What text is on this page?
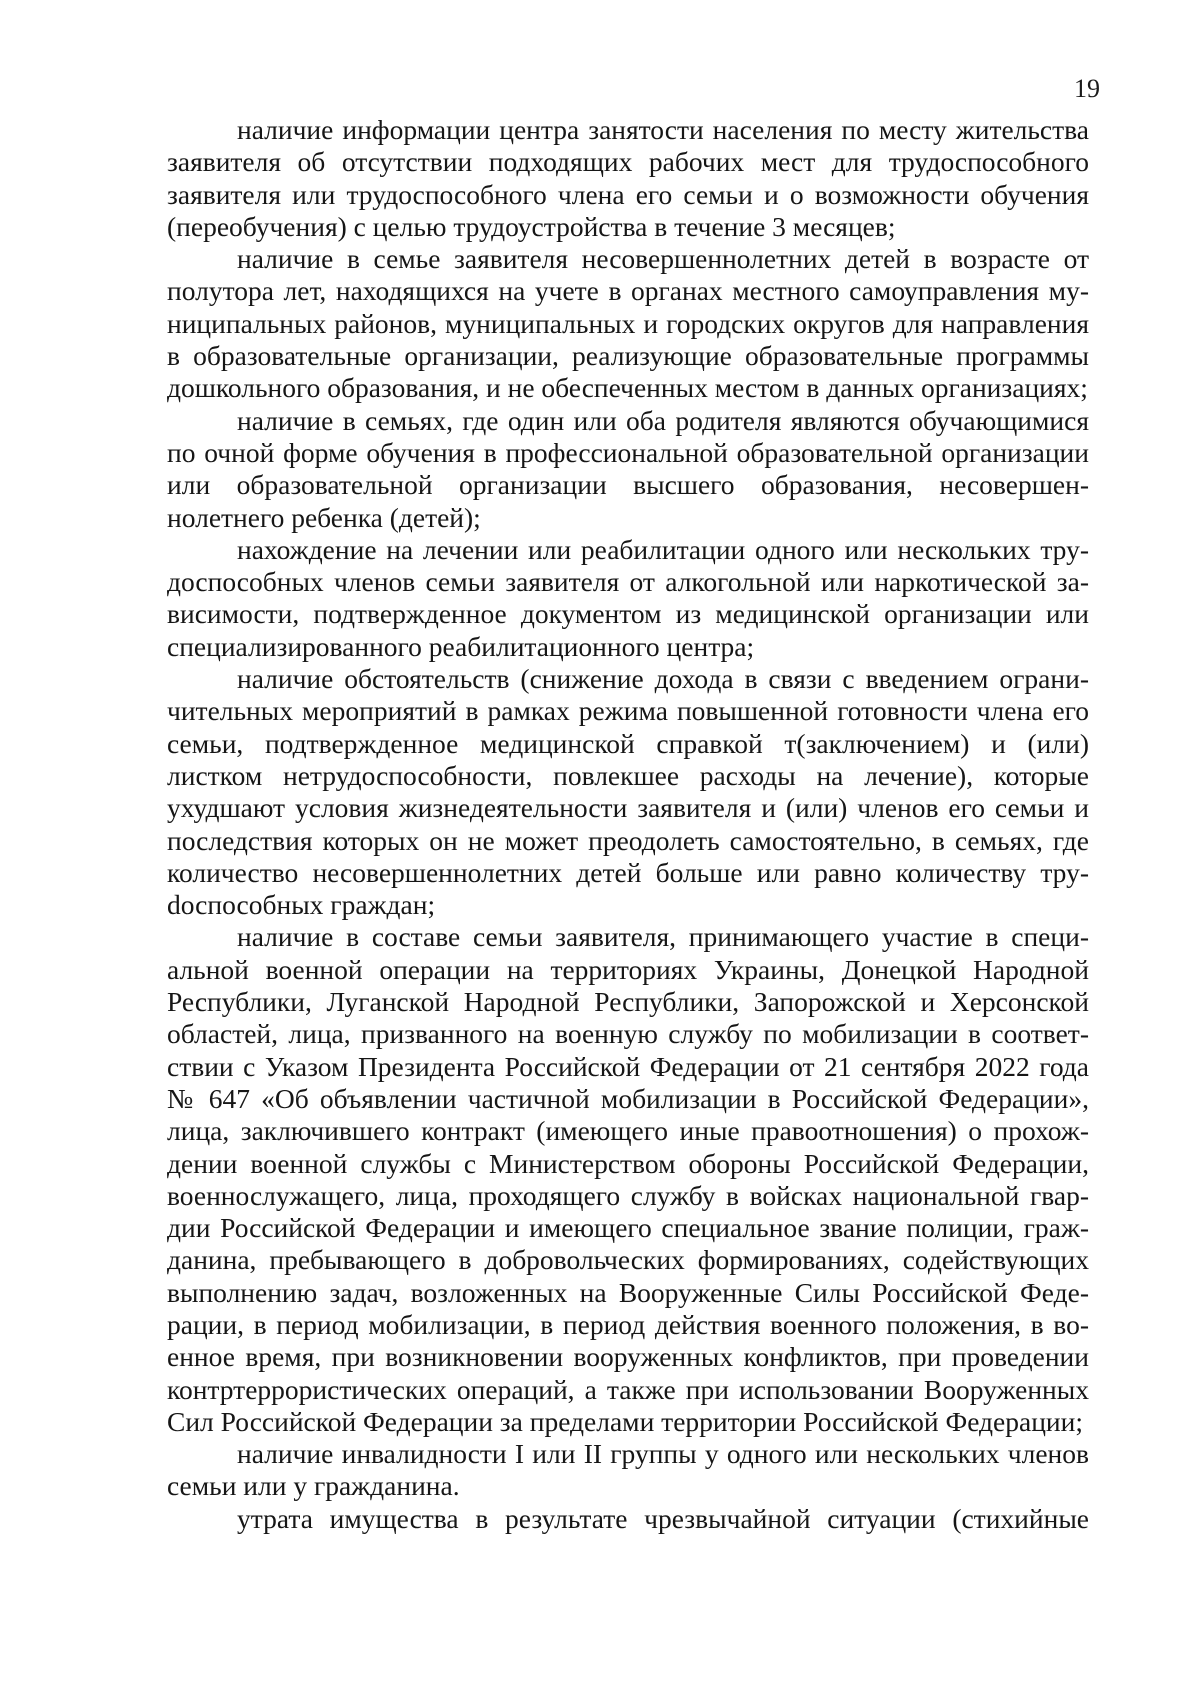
19

наличие информации центра занятости населения по месту жительства заявителя об отсутствии подходящих рабочих мест для трудоспособного заявителя или трудоспособного члена его семьи и о возможности обучения (переобучения) с целью трудоустройства в течение 3 месяцев;

наличие в семье заявителя несовершеннолетних детей в возрасте от полутора лет, находящихся на учете в органах местного самоуправления муниципальных районов, муниципальных и городских округов для направления в образовательные организации, реализующие образовательные программы дошкольного образования, и не обеспеченных местом в данных организациях;

наличие в семьях, где один или оба родителя являются обучающимися по очной форме обучения в профессиональной образовательной организации или образовательной организации высшего образования, несовершеннолетнего ребенка (детей);

нахождение на лечении или реабилитации одного или нескольких трудоспособных членов семьи заявителя от алкогольной или наркотической зависимости, подтвержденное документом из медицинской организации или специализированного реабилитационного центра;

наличие обстоятельств (снижение дохода в связи с введением ограничительных мероприятий в рамках режима повышенной готовности члена его семьи, подтвержденное медицинской справкой т(заключением) и (или) листком нетрудоспособности, повлекшее расходы на лечение), которые ухудшают условия жизнедеятельности заявителя и (или) членов его семьи и последствия которых он не может преодолеть самостоятельно, в семьях, где количество несовершеннолетних детей больше или равно количеству труdоспособных граждан;

наличие в составе семьи заявителя, принимающего участие в специальной военной операции на территориях Украины, Донецкой Народной Республики, Луганской Народной Республики, Запорожской и Херсонской областей, лица, призванного на военную службу по мобилизации в соответствии с Указом Президента Российской Федерации от 21 сентября 2022 года № 647 «Об объявлении частичной мобилизации в Российской Федерации», лица, заключившего контракт (имеющего иные правоотношения) о прохождении военной службы с Министерством обороны Российской Федерации, военнослужащего, лица, проходящего службу в войсках национальной гвардии Российской Федерации и имеющего специальное звание полиции, гражданина, пребывающего в добровольческих формированиях, содействующих выполнению задач, возложенных на Вооруженные Силы Российской Федерации, в период мобилизации, в период действия военного положения, в военное время, при возникновении вооруженных конфликтов, при проведении контртеррористических операций, а также при использовании Вооруженных Сил Российской Федерации за пределами территории Российской Федерации;

наличие инвалидности I или II группы у одного или нескольких членов семьи или у гражданина.

утрата имущества в результате чрезвычайной ситуации (стихийные
